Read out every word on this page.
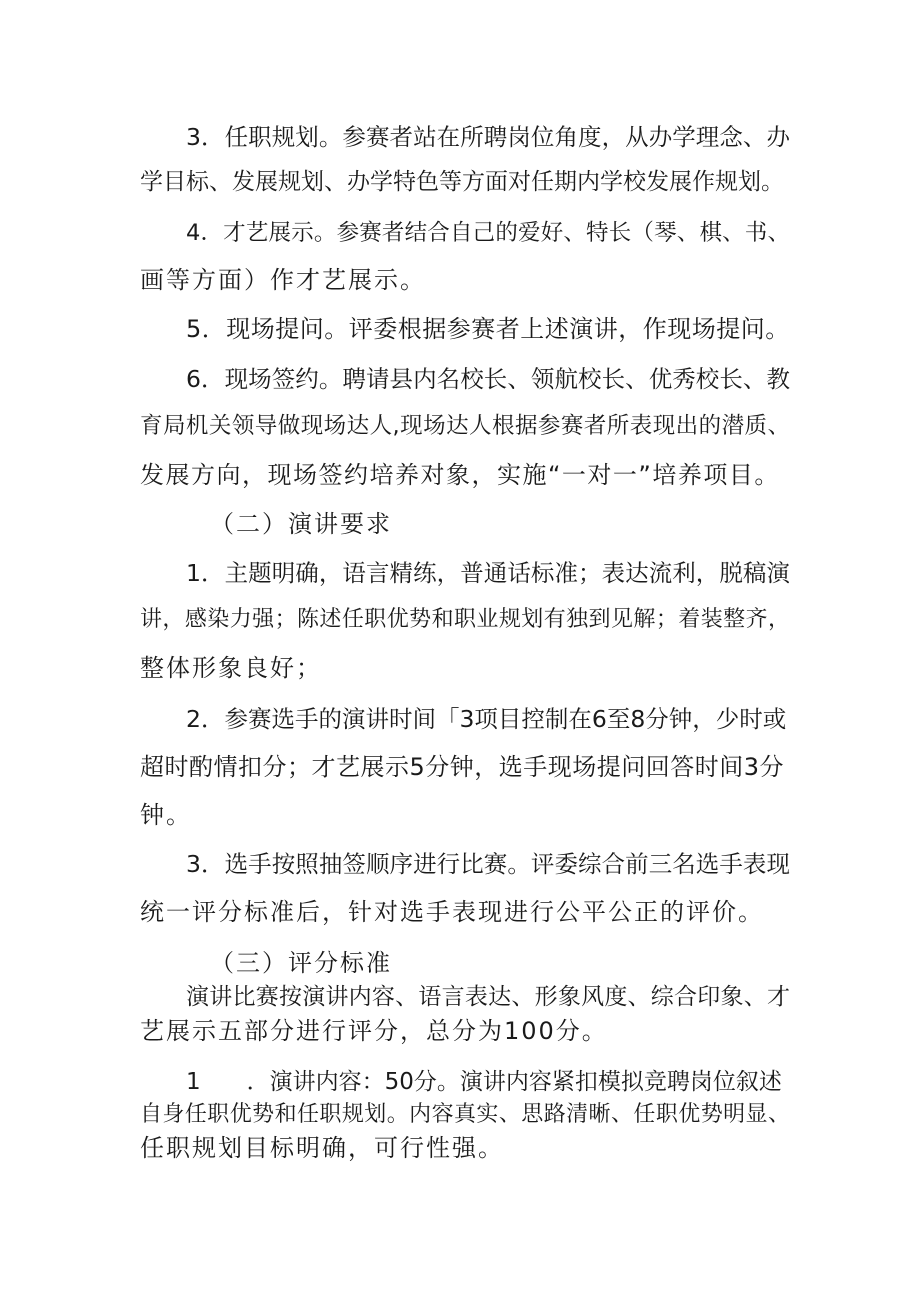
3．任职规划。参赛者站在所聘岗位角度，从办学理念、办
学目标、发展规划、办学特色等方面对任期内学校发展作规划。
4．才艺展示。参赛者结合自己的爱好、特长（琴、棋、书、
画等方面）作才艺展示。
5．现场提问。评委根据参赛者上述演讲，作现场提问。
6．现场签约。聘请县内名校长、领航校长、优秀校长、教
育局机关领导做现场达人,现场达人根据参赛者所表现出的潜质、
发展方向，现场签约培养对象，实施“一对一”培养项目。
（二）演讲要求
1．主题明确，语言精练，普通话标准；表达流利，脱稿演
讲，感染力强；陈述任职优势和职业规划有独到见解；着装整齐，
整体形象良好；
2．参赛选手的演讲时间「3项目控制在6至8分钟，少时或
超时酌情扣分；才艺展示5分钟，选手现场提问回答时间3分
钟。
3．选手按照抽签顺序进行比赛。评委综合前三名选手表现
统一评分标准后，针对选手表现进行公平公正的评价。
（三）评分标准
演讲比赛按演讲内容、语言表达、形象风度、综合印象、才
艺展示五部分进行评分，总分为100分。
1　　．演讲内容：50分。演讲内容紧扣模拟竞聘岗位叙述
自身任职优势和任职规划。内容真实、思路清晰、任职优势明显、
任职规划目标明确，可行性强。
